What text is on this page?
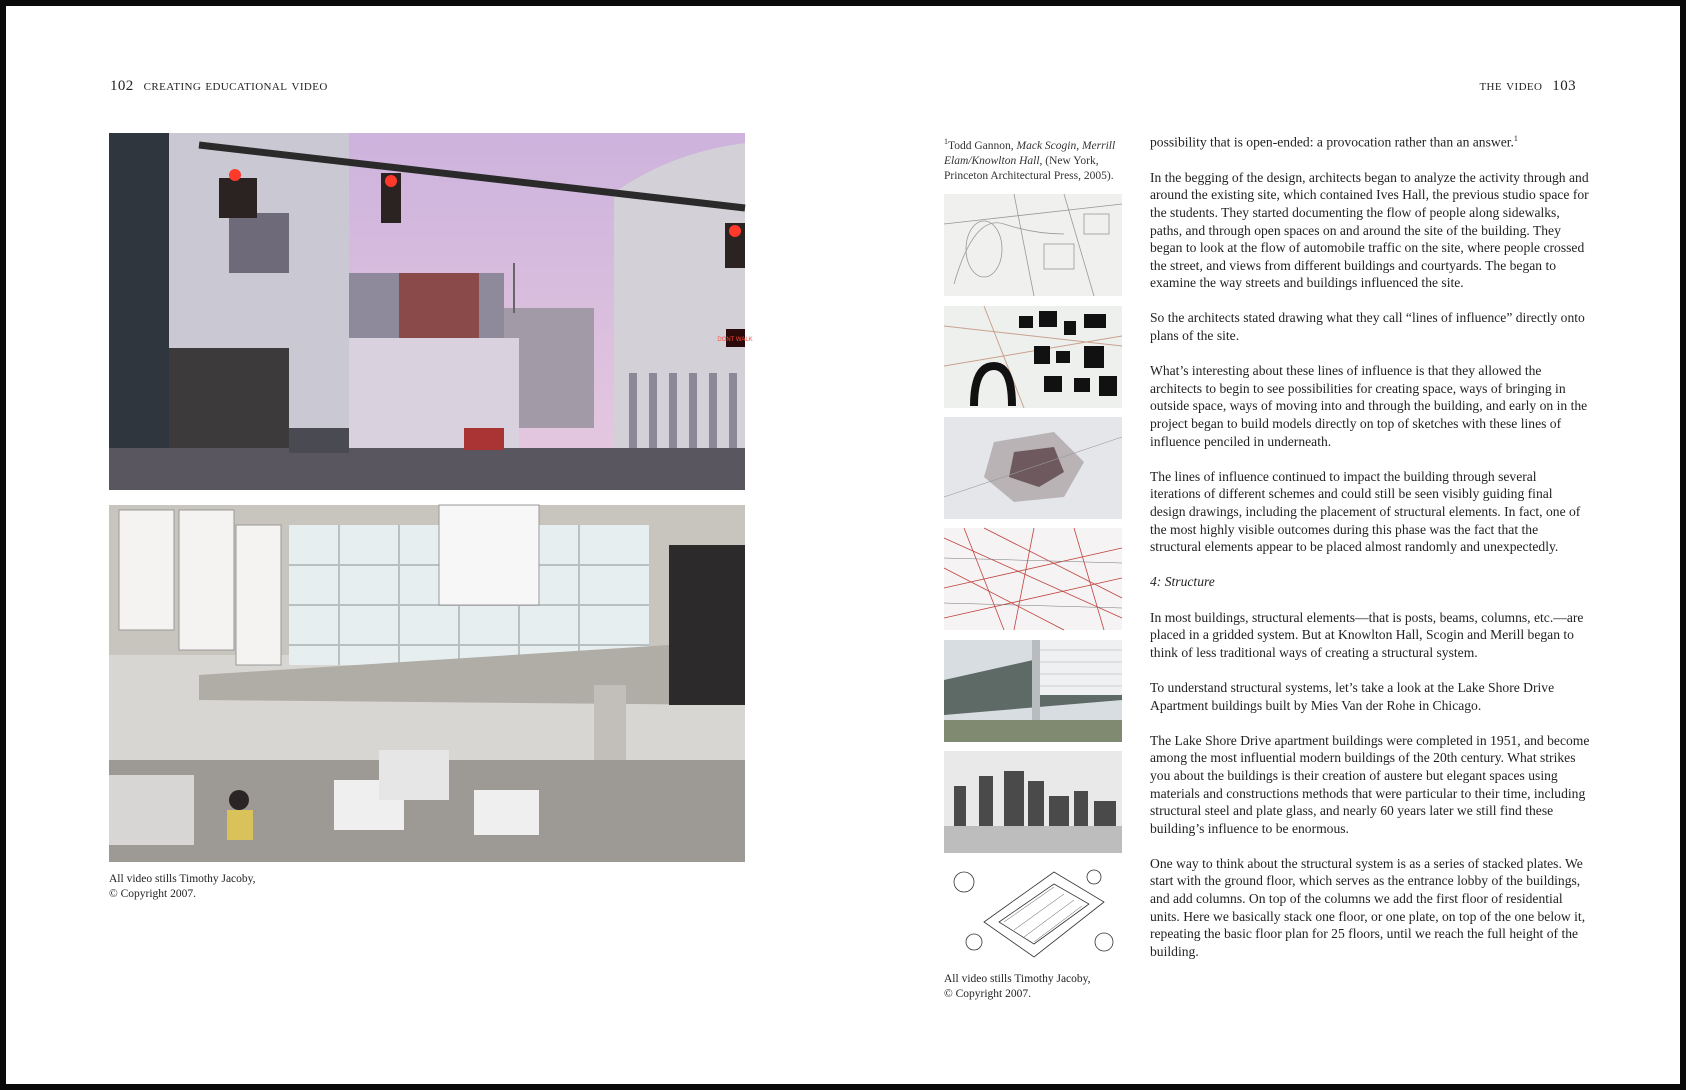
102 creating educational video	the video 103
DONT WALK
All video stills Timothy Jacoby,
© Copyright 2007.
$^1$Todd Gannon, Mack Scogin, Merrill Elam/Knowlton Hall, (New York, Princeton Architectural Press, 2005).
All video stills Timothy Jacoby,
© Copyright 2007.

possibility that is open-ended: a provocation rather than an answer.$^1$

In the begging of the design, architects began to analyze the activity through and around the existing site, which contained Ives Hall, the previous studio space for the students. They started documenting the flow of people along sidewalks, paths, and through open spaces on and around the site of the building. They began to look at the flow of automobile traffic on the site, where people crossed the street, and views from different buildings and courtyards. The began to examine the way streets and buildings influenced the site.

So the architects stated drawing what they call “lines of influence” directly onto plans of the site.

What’s interesting about these lines of influence is that they allowed the architects to begin to see possibilities for creating space, ways of bringing in outside space, ways of moving into and through the building, and early on in the project began to build models directly on top of sketches with these lines of influence penciled in underneath.

The lines of influence continued to impact the building through several iterations of different schemes and could still be seen visibly guiding final design drawings, including the placement of structural elements. In fact, one of the most highly visible outcomes during this phase was the fact that the structural elements appear to be placed almost randomly and unexpectedly.

4: Structure

In most buildings, structural elements—that is posts, beams, columns, etc.—are placed in a gridded system. But at Knowlton Hall, Scogin and Merill began to think of less traditional ways of creating a structural system.

To understand structural systems, let’s take a look at the Lake Shore Drive Apartment buildings built by Mies Van der Rohe in Chicago.

The Lake Shore Drive apartment buildings were completed in 1951, and become among the most influential modern buildings of the 20th century. What strikes you about the buildings is their creation of austere but elegant spaces using materials and constructions methods that were particular to their time, including structural steel and plate glass, and nearly 60 years later we still find these building’s influence to be enormous.

One way to think about the structural system is as a series of stacked plates. We start with the ground floor, which serves as the entrance lobby of the buildings, and add columns. On top of the columns we add the first floor of residential units. Here we basically stack one floor, or one plate, on top of the one below it, repeating the basic floor plan for 25 floors, until we reach the full height of the building.
